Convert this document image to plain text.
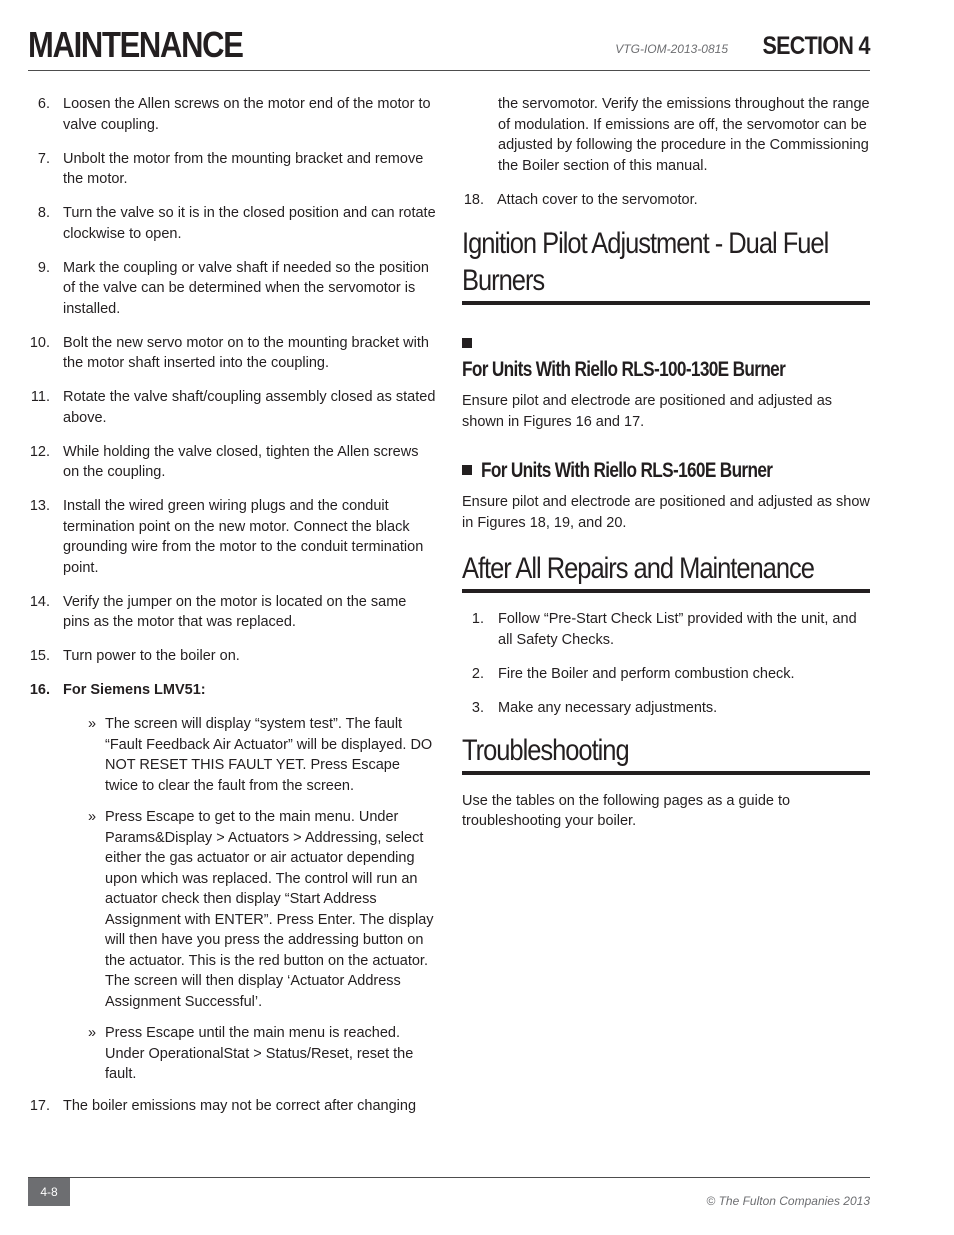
MAINTENANCE	VTG-IOM-2013-0815 SECTION 4
6. Loosen the Allen screws on the motor end of the motor to valve coupling.
7. Unbolt the motor from the mounting bracket and remove the motor.
8. Turn the valve so it is in the closed position and can rotate clockwise to open.
9. Mark the coupling or valve shaft if needed so the position of the valve can be determined when the servomotor is installed.
10. Bolt the new servo motor on to the mounting bracket with the motor shaft inserted into the coupling.
11. Rotate the valve shaft/coupling assembly closed as stated above.
12. While holding the valve closed, tighten the Allen screws on the coupling.
13. Install the wired green wiring plugs and the conduit termination point on the new motor. Connect the black grounding wire from the motor to the conduit termination point.
14. Verify the jumper on the motor is located on the same pins as the motor that was replaced.
15. Turn power to the boiler on.
16. For Siemens LMV51:
» The screen will display “system test”. The fault “Fault Feedback Air Actuator” will be displayed. DO NOT RESET THIS FAULT YET. Press Escape twice to clear the fault from the screen.
» Press Escape to get to the main menu. Under Params&Display > Actuators > Addressing, select either the gas actuator or air actuator depending upon which was replaced. The control will run an actuator check then display “Start Address Assignment with ENTER”. Press Enter. The display will then have you press the addressing button on the actuator. This is the red button on the actuator. The screen will then display ‘Actuator Address Assignment Successful’.
» Press Escape until the main menu is reached. Under OperationalStat > Status/Reset, reset the fault.
17. The boiler emissions may not be correct after changing
the servomotor. Verify the emissions throughout the range of modulation. If emissions are off, the servomotor can be adjusted by following the procedure in the Commissioning the Boiler section of this manual.
18. Attach cover to the servomotor.
Ignition Pilot Adjustment - Dual Fuel Burners
For Units With Riello RLS-100-130E Burner

Ensure pilot and electrode are positioned and adjusted as shown in Figures 16 and 17.

For Units With Riello RLS-160E Burner

Ensure pilot and electrode are positioned and adjusted as show in Figures 18, 19, and 20.

After All Repairs and Maintenance
1. Follow “Pre-Start Check List” provided with the unit, and all Safety Checks.
2. Fire the Boiler and perform combustion check.
3. Make any necessary adjustments.
Troubleshooting

Use the tables on the following pages as a guide to troubleshooting your boiler.

4-8
© The Fulton Companies 2013
